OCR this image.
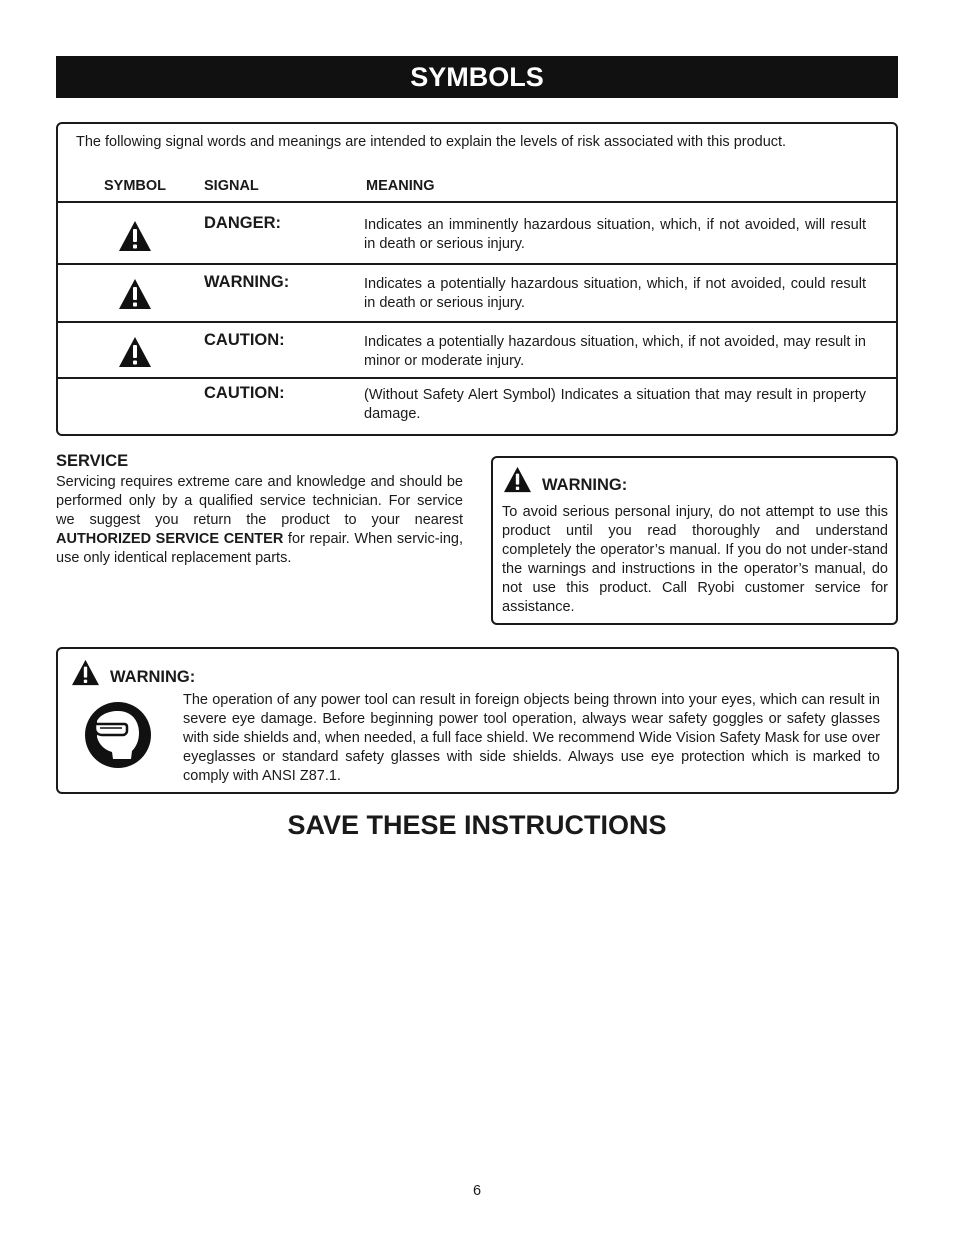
SYMBOLS
The following signal words and meanings are intended to explain the levels of risk associated with this product.
SYMBOL	SIGNAL	MEANING
DANGER:	Indicates an imminently hazardous situation, which, if not avoided, will result in death or serious injury.
WARNING:	Indicates a potentially hazardous situation, which, if not avoided, could result in death or serious injury.
CAUTION:	Indicates a potentially hazardous situation, which, if not avoided, may result in minor or moderate injury.
CAUTION:	(Without Safety Alert Symbol) Indicates a situation that may result in property damage.
SERVICE
Servicing requires extreme care and knowledge and should be performed only by a qualified service technician. For service we suggest you return the product to your nearest AUTHORIZED SERVICE CENTER for repair. When servic-ing, use only identical replacement parts.
WARNING:
To avoid serious personal injury, do not attempt to use this product until you read thoroughly and understand completely the operator’s manual. If you do not under-stand the warnings and instructions in the operator’s manual, do not use this product. Call Ryobi customer service for assistance.
WARNING:
The operation of any power tool can result in foreign objects being thrown into your eyes, which can result in severe eye damage. Before beginning power tool operation, always wear safety goggles or safety glasses with side shields and, when needed, a full face shield. We recommend Wide Vision Safety Mask for use over eyeglasses or standard safety glasses with side shields. Always use eye protection which is marked to comply with ANSI Z87.1.
SAVE THESE INSTRUCTIONS
6
